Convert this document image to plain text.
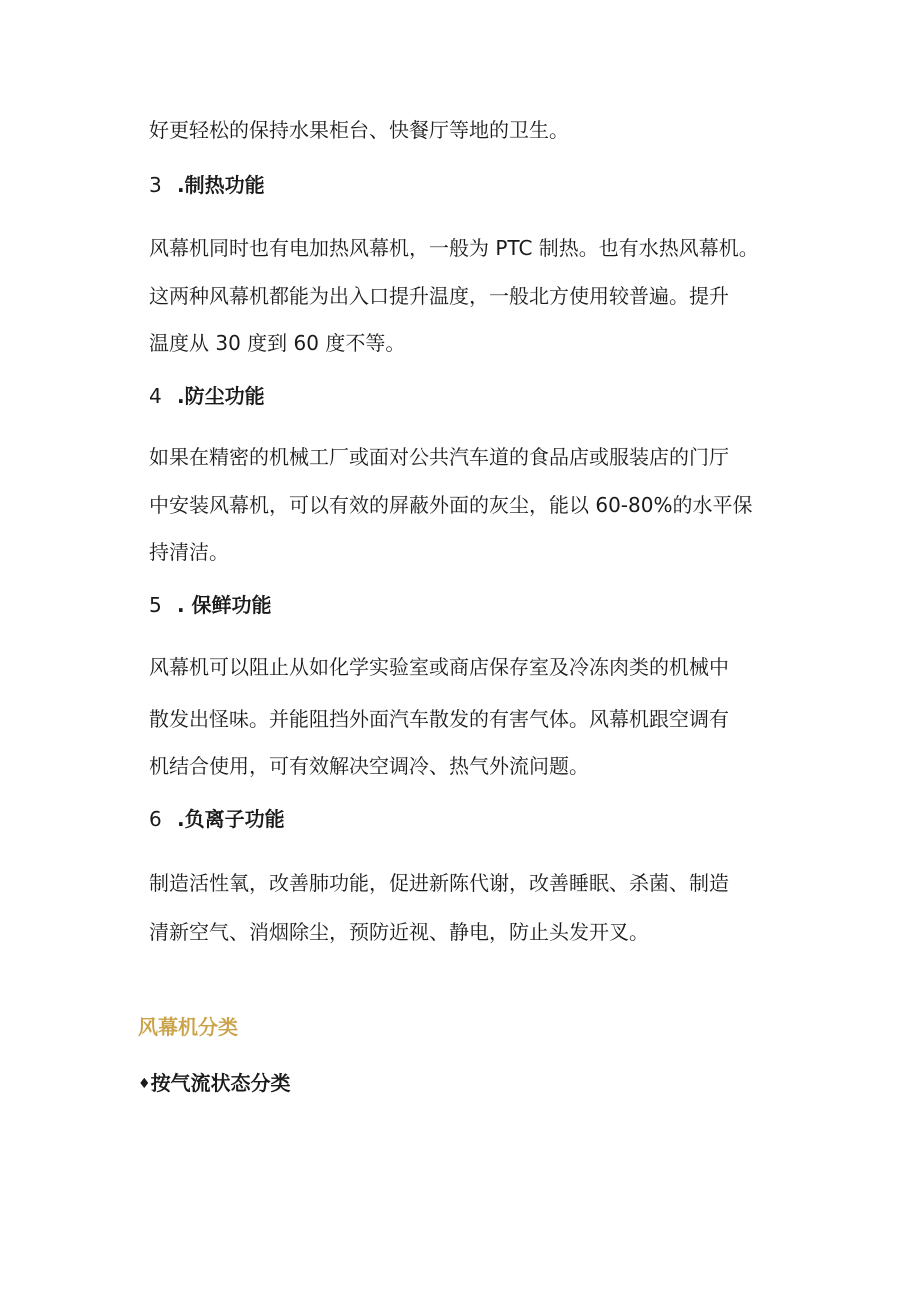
好更轻松的保持水果柜台、快餐厅等地的卫生。
3 .制热功能
风幕机同时也有电加热风幕机，一般为 PTC 制热。也有水热风幕机。
这两种风幕机都能为出入口提升温度，一般北方使用较普遍。提升
温度从 30 度到 60 度不等。
4 .防尘功能
如果在精密的机械工厂或面对公共汽车道的食品店或服装店的门厅
中安装风幕机，可以有效的屏蔽外面的灰尘，能以 60-80%的水平保
持清洁。
5 . 保鲜功能
风幕机可以阻止从如化学实验室或商店保存室及冷冻肉类的机械中
散发出怪味。并能阻挡外面汽车散发的有害气体。风幕机跟空调有
机结合使用，可有效解决空调冷、热气外流问题。
6 .负离子功能
制造活性氧，改善肺功能，促进新陈代谢，改善睡眠、杀菌、制造
清新空气、消烟除尘，预防近视、静电，防止头发开叉。
风幕机分类
♦按气流状态分类
